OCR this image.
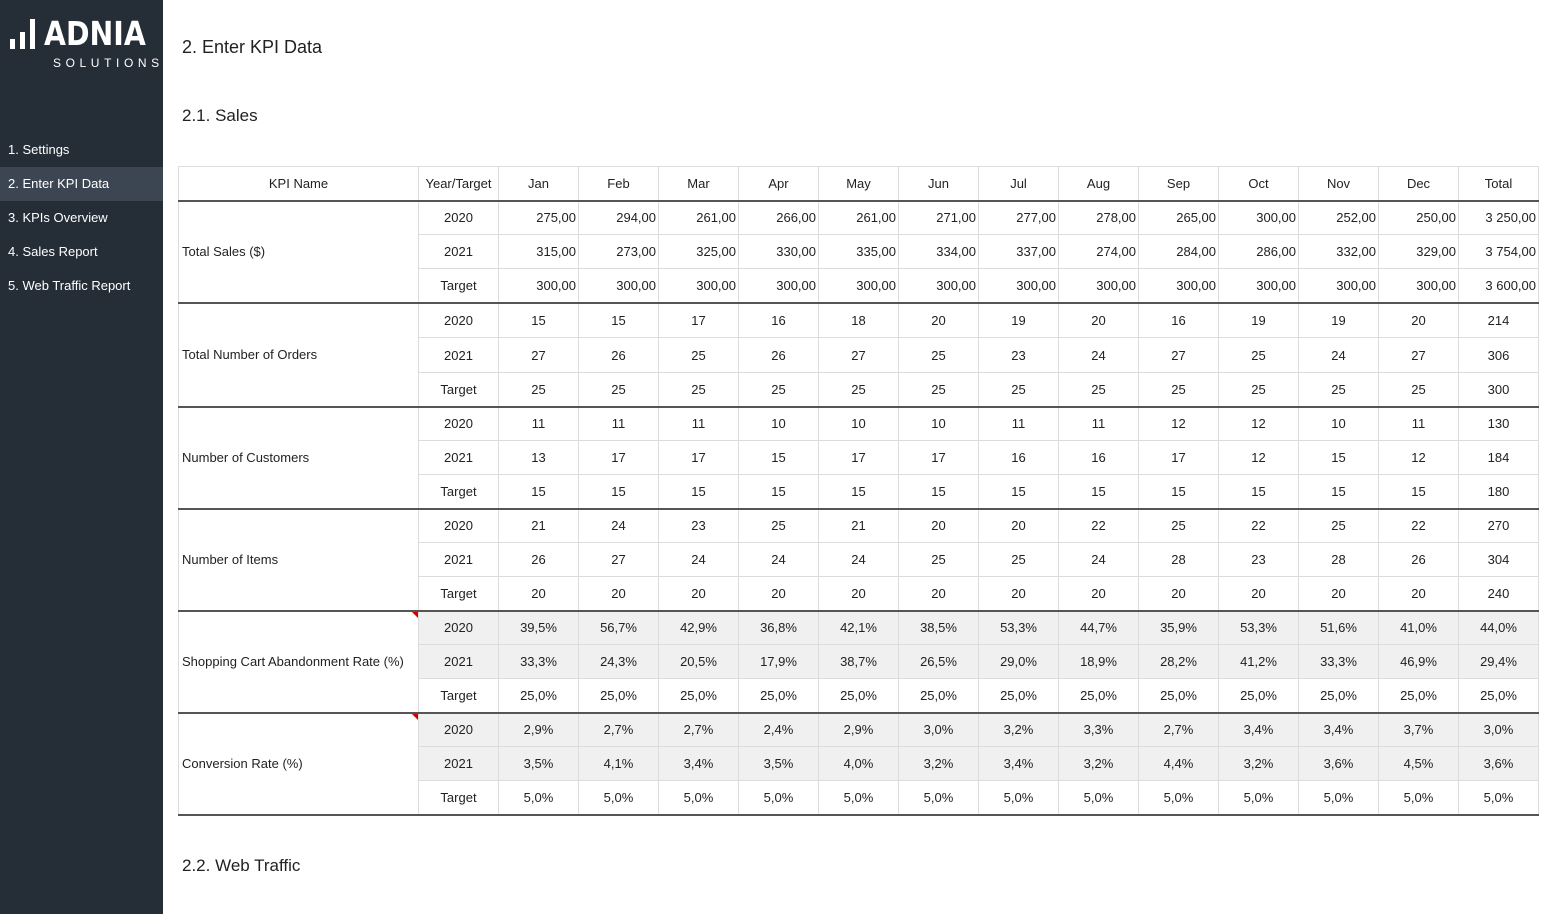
ADNIA
SOLUTIONS
1. Settings
2. Enter KPI Data
3. KPIs Overview
4. Sales Report
5. Web Traffic Report
2. Enter KPI Data
2.1. Sales
KPI Name	Year/Target	Jan	Feb	Mar	Apr	May	Jun	Jul	Aug	Sep	Oct	Nov	Dec	Total
Total Sales ($)	2020	275,00	294,00	261,00	266,00	261,00	271,00	277,00	278,00	265,00	300,00	252,00	250,00	3 250,00
	2021	315,00	273,00	325,00	330,00	335,00	334,00	337,00	274,00	284,00	286,00	332,00	329,00	3 754,00
	Target	300,00	300,00	300,00	300,00	300,00	300,00	300,00	300,00	300,00	300,00	300,00	300,00	3 600,00
Total Number of Orders	2020	15	15	17	16	18	20	19	20	16	19	19	20	214
	2021	27	26	25	26	27	25	23	24	27	25	24	27	306
	Target	25	25	25	25	25	25	25	25	25	25	25	25	300
Number of Customers	2020	11	11	11	10	10	10	11	11	12	12	10	11	130
	2021	13	17	17	15	17	17	16	16	17	12	15	12	184
	Target	15	15	15	15	15	15	15	15	15	15	15	15	180
Number of Items	2020	21	24	23	25	21	20	20	22	25	22	25	22	270
	2021	26	27	24	24	24	25	25	24	28	23	28	26	304
	Target	20	20	20	20	20	20	20	20	20	20	20	20	240
Shopping Cart Abandonment Rate (%)	2020	39,5%	56,7%	42,9%	36,8%	42,1%	38,5%	53,3%	44,7%	35,9%	53,3%	51,6%	41,0%	44,0%
	2021	33,3%	24,3%	20,5%	17,9%	38,7%	26,5%	29,0%	18,9%	28,2%	41,2%	33,3%	46,9%	29,4%
	Target	25,0%	25,0%	25,0%	25,0%	25,0%	25,0%	25,0%	25,0%	25,0%	25,0%	25,0%	25,0%	25,0%
Conversion Rate (%)	2020	2,9%	2,7%	2,7%	2,4%	2,9%	3,0%	3,2%	3,3%	2,7%	3,4%	3,4%	3,7%	3,0%
	2021	3,5%	4,1%	3,4%	3,5%	4,0%	3,2%	3,4%	3,2%	4,4%	3,2%	3,6%	4,5%	3,6%
	Target	5,0%	5,0%	5,0%	5,0%	5,0%	5,0%	5,0%	5,0%	5,0%	5,0%	5,0%	5,0%	5,0%
2.2. Web Traffic
